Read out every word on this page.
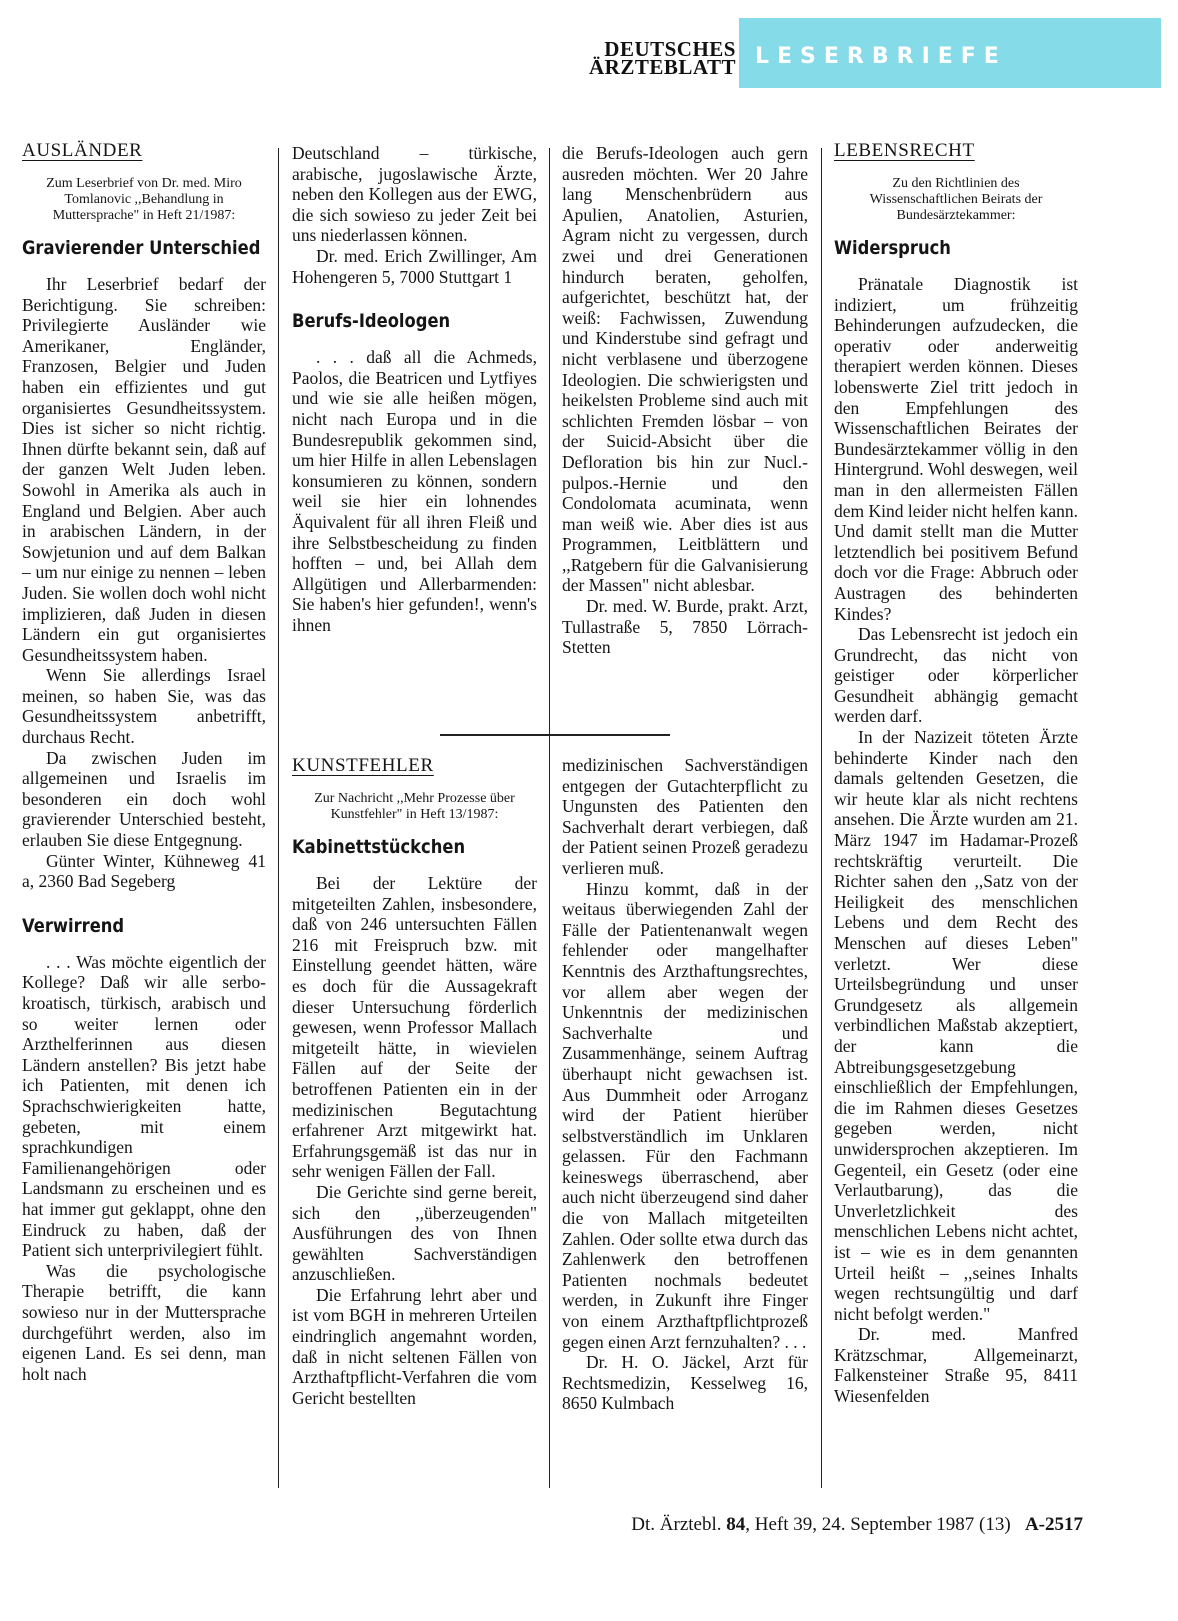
DEUTSCHES
ÄRZTEBLATT LESERBRIEFE
AUSLÄNDER
Zum Leserbrief von Dr. med. Miro Tomlanovic ,,Behandlung in Muttersprache" in Heft 21/1987:
Gravierender Unterschied

Ihr Leserbrief bedarf der Berichtigung. Sie schreiben: Privilegierte Ausländer wie Amerikaner, Engländer, Franzosen, Belgier und Juden haben ein effizientes und gut organisiertes Gesundheitssystem. Dies ist sicher so nicht richtig. Ihnen dürfte bekannt sein, daß auf der ganzen Welt Juden leben. Sowohl in Amerika als auch in England und Belgien. Aber auch in arabischen Ländern, in der Sowjetunion und auf dem Balkan – um nur einige zu nennen – leben Juden. Sie wollen doch wohl nicht implizieren, daß Juden in diesen Ländern ein gut organisiertes Gesundheitssystem haben.

Wenn Sie allerdings Israel meinen, so haben Sie, was das Gesundheitssystem anbetrifft, durchaus Recht.

Da zwischen Juden im allgemeinen und Israelis im besonderen ein doch wohl gravierender Unterschied besteht, erlauben Sie diese Entgegnung.

Günter Winter, Kühneweg 41 a, 2360 Bad Segeberg

Verwirrend

. . . Was möchte eigentlich der Kollege? Daß wir alle serbo-kroatisch, türkisch, arabisch und so weiter lernen oder Arzthelferinnen aus diesen Ländern anstellen? Bis jetzt habe ich Patienten, mit denen ich Sprachschwierigkeiten hatte, gebeten, mit einem sprachkundigen Familienangehörigen oder Landsmann zu erscheinen und es hat immer gut geklappt, ohne den Eindruck zu haben, daß der Patient sich unterprivilegiert fühlt.

Was die psychologische Therapie betrifft, die kann sowieso nur in der Muttersprache durchgeführt werden, also im eigenen Land. Es sei denn, man holt nach

Deutschland – türkische, arabische, jugoslawische Ärzte, neben den Kollegen aus der EWG, die sich sowieso zu jeder Zeit bei uns niederlassen können.

Dr. med. Erich Zwillinger, Am Hohengeren 5, 7000 Stuttgart 1

Berufs-Ideologen

. . . daß all die Achmeds, Paolos, die Beatricen und Lytfiyes und wie sie alle heißen mögen, nicht nach Europa und in die Bundesrepublik gekommen sind, um hier Hilfe in allen Lebenslagen konsumieren zu können, sondern weil sie hier ein lohnendes Äquivalent für all ihren Fleiß und ihre Selbstbescheidung zu finden hofften – und, bei Allah dem Allgütigen und Allerbarmenden: Sie haben's hier gefunden!, wenn's ihnen

die Berufs-Ideologen auch gern ausreden möchten. Wer 20 Jahre lang Menschenbrüdern aus Apulien, Anatolien, Asturien, Agram nicht zu vergessen, durch zwei und drei Generationen hindurch beraten, geholfen, aufgerichtet, beschützt hat, der weiß: Fachwissen, Zuwendung und Kinderstube sind gefragt und nicht verblasene und überzogene Ideologien. Die schwierigsten und heikelsten Probleme sind auch mit schlichten Fremden lösbar – von der Suicid-Absicht über die Defloration bis hin zur Nucl.-pulpos.-Hernie und den Condolomata acuminata, wenn man weiß wie. Aber dies ist aus Programmen, Leitblättern und ,,Ratgebern für die Galvanisierung der Massen" nicht ablesbar.

Dr. med. W. Burde, prakt. Arzt, Tullastraße 5, 7850 Lörrach-Stetten

KUNSTFEHLER
Zur Nachricht ,,Mehr Prozesse über Kunstfehler" in Heft 13/1987:
Kabinettstückchen

Bei der Lektüre der mitgeteilten Zahlen, insbesondere, daß von 246 untersuchten Fällen 216 mit Freispruch bzw. mit Einstellung geendet hätten, wäre es doch für die Aussagekraft dieser Untersuchung förderlich gewesen, wenn Professor Mallach mitgeteilt hätte, in wievielen Fällen auf der Seite der betroffenen Patienten ein in der medizinischen Begutachtung erfahrener Arzt mitgewirkt hat. Erfahrungsgemäß ist das nur in sehr wenigen Fällen der Fall.

Die Gerichte sind gerne bereit, sich den ,,überzeugenden" Ausführungen des von Ihnen gewählten Sachverständigen anzuschließen.

Die Erfahrung lehrt aber und ist vom BGH in mehreren Urteilen eindringlich angemahnt worden, daß in nicht seltenen Fällen von Arzthaftpflicht-Verfahren die vom Gericht bestellten

medizinischen Sachverständigen entgegen der Gutachterpflicht zu Ungunsten des Patienten den Sachverhalt derart verbiegen, daß der Patient seinen Prozeß geradezu verlieren muß.

Hinzu kommt, daß in der weitaus überwiegenden Zahl der Fälle der Patientenanwalt wegen fehlender oder mangelhafter Kenntnis des Arzthaftungsrechtes, vor allem aber wegen der Unkenntnis der medizinischen Sachverhalte und Zusammenhänge, seinem Auftrag überhaupt nicht gewachsen ist. Aus Dummheit oder Arroganz wird der Patient hierüber selbstverständlich im Unklaren gelassen. Für den Fachmann keineswegs überraschend, aber auch nicht überzeugend sind daher die von Mallach mitgeteilten Zahlen. Oder sollte etwa durch das Zahlenwerk den betroffenen Patienten nochmals bedeutet werden, in Zukunft ihre Finger von einem Arzthaftpflichtprozeß gegen einen Arzt fernzuhalten? . . .

Dr. H. O. Jäckel, Arzt für Rechtsmedizin, Kesselweg 16, 8650 Kulmbach

LEBENSRECHT
Zu den Richtlinien des Wissenschaftlichen Beirats der Bundesärztekammer:
Widerspruch

Pränatale Diagnostik ist indiziert, um frühzeitig Behinderungen aufzudecken, die operativ oder anderweitig therapiert werden können. Dieses lobenswerte Ziel tritt jedoch in den Empfehlungen des Wissenschaftlichen Beirates der Bundesärztekammer völlig in den Hintergrund. Wohl deswegen, weil man in den allermeisten Fällen dem Kind leider nicht helfen kann. Und damit stellt man die Mutter letztendlich bei positivem Befund doch vor die Frage: Abbruch oder Austragen des behinderten Kindes?

Das Lebensrecht ist jedoch ein Grundrecht, das nicht von geistiger oder körperlicher Gesundheit abhängig gemacht werden darf.

In der Nazizeit töteten Ärzte behinderte Kinder nach den damals geltenden Gesetzen, die wir heute klar als nicht rechtens ansehen. Die Ärzte wurden am 21. März 1947 im Hadamar-Prozeß rechtskräftig verurteilt. Die Richter sahen den ,,Satz von der Heiligkeit des menschlichen Lebens und dem Recht des Menschen auf dieses Leben" verletzt. Wer diese Urteilsbegründung und unser Grundgesetz als allgemein verbindlichen Maßstab akzeptiert, der kann die Abtreibungsgesetzgebung einschließlich der Empfehlungen, die im Rahmen dieses Gesetzes gegeben werden, nicht unwidersprochen akzeptieren. Im Gegenteil, ein Gesetz (oder eine Verlautbarung), das die Unverletzlichkeit des menschlichen Lebens nicht achtet, ist – wie es in dem genannten Urteil heißt – ,,seines Inhalts wegen rechtsungültig und darf nicht befolgt werden."

Dr. med. Manfred Krätzschmar, Allgemeinarzt, Falkensteiner Straße 95, 8411 Wiesenfelden

Dt. Ärztebl. 84, Heft 39, 24. September 1987 (13) A-2517
